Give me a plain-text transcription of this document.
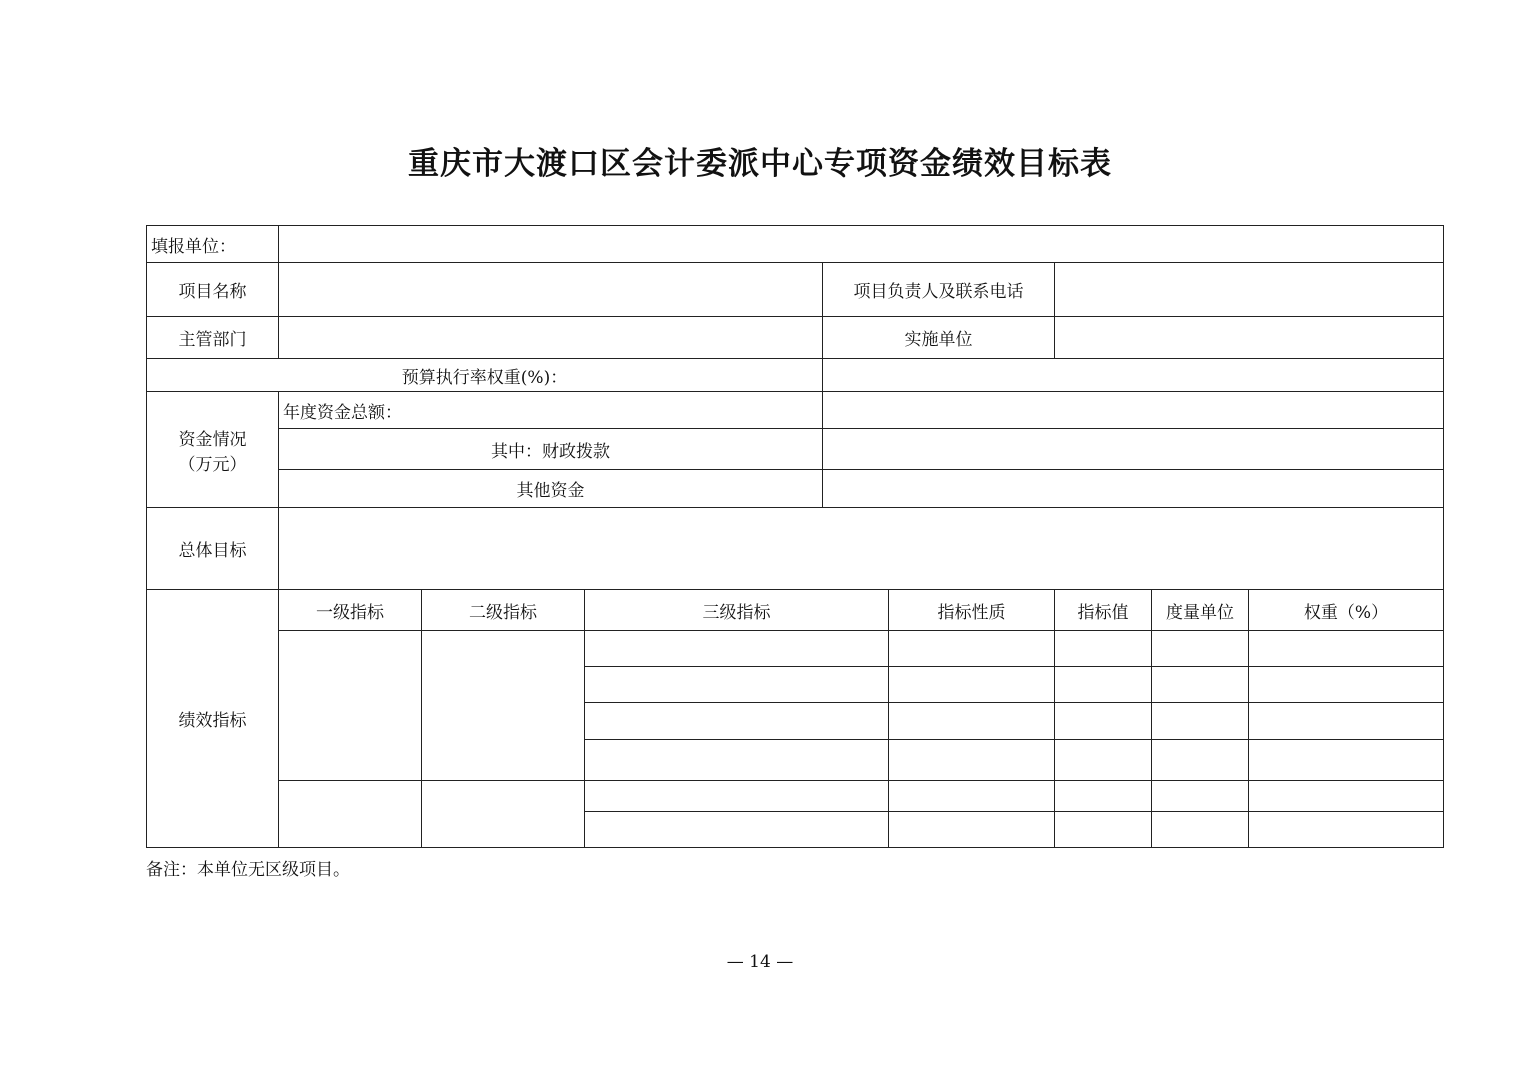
重庆市大渡口区会计委派中心专项资金绩效目标表
填报单位：								
项目名称				项目负责人及联系电话				
主管部门				实施单位				
预算执行率权重(%)：								

资金情况
（万元）	年度资金总额：							
	其中：财政拨款							
	其他资金							
总体目标								
绩效指标	一级指标	二级指标	三级指标		指标性质	指标值	度量单位	权重（%）

备注：本单位无区级项目。
— 14 —
